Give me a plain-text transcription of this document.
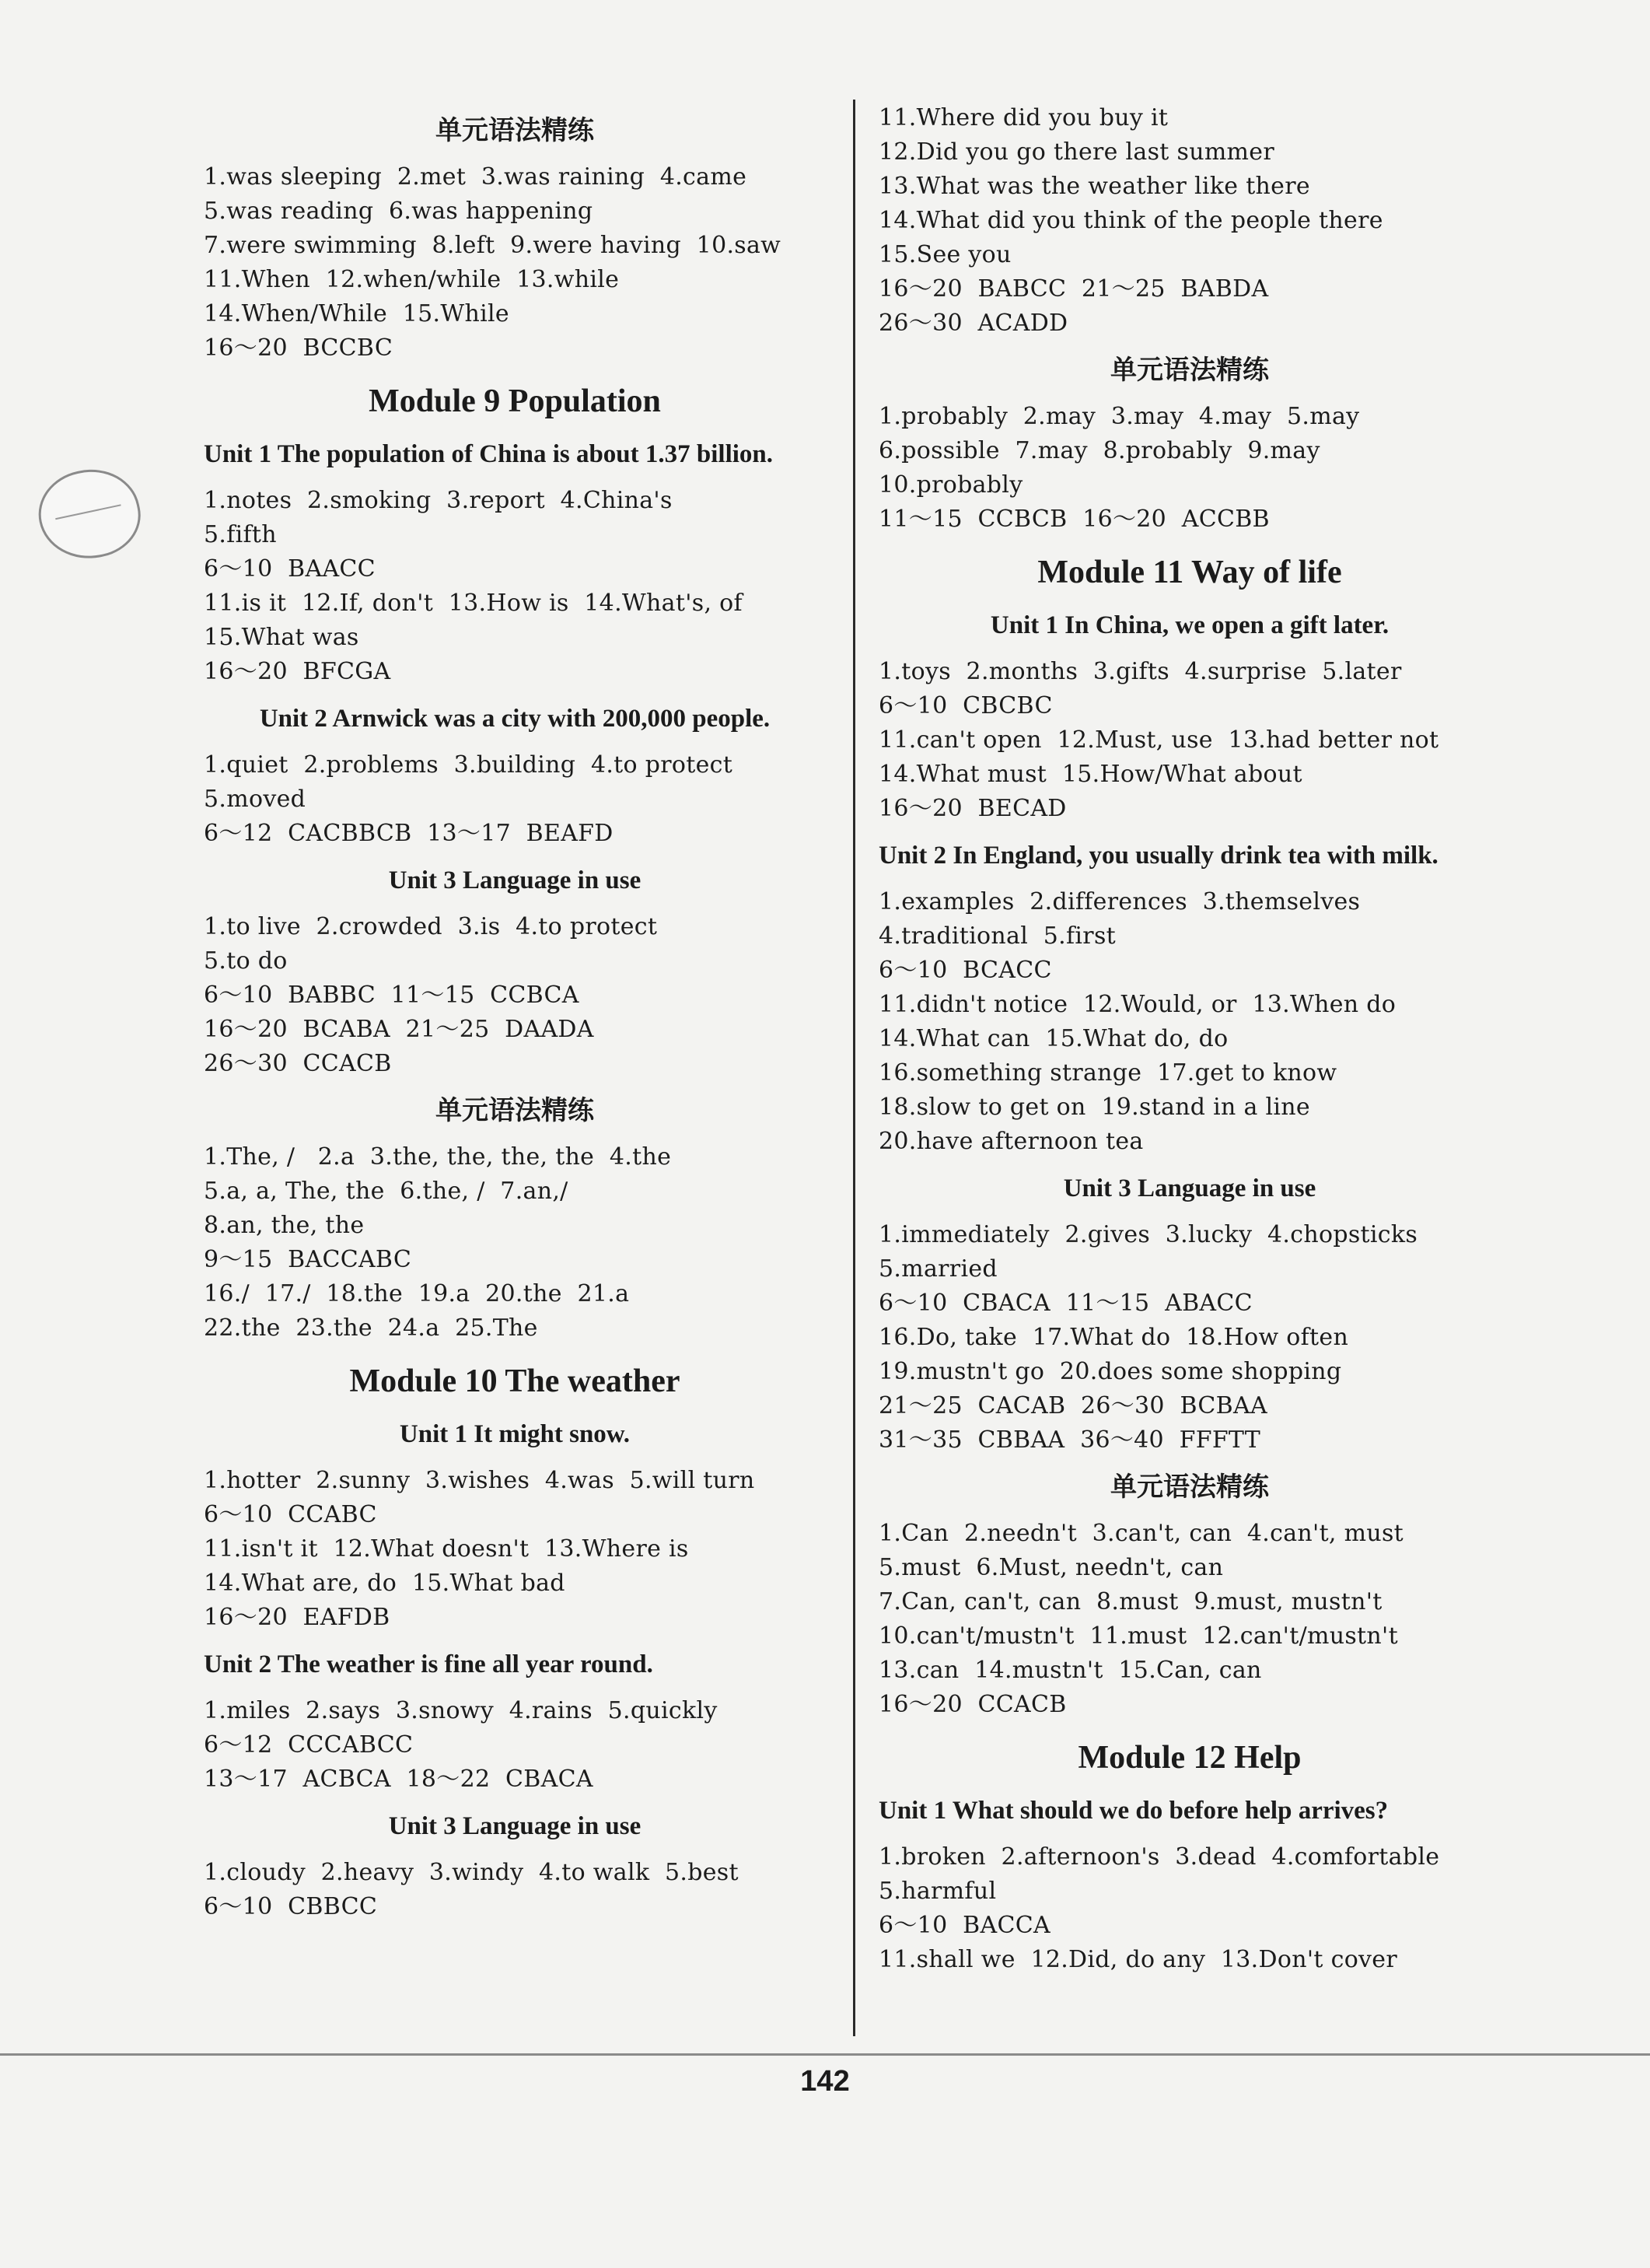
单元语法精练
1.was sleeping  2.met  3.was raining  4.came
5.was reading  6.was happening
7.were swimming  8.left  9.were having  10.saw
11.When  12.when/while  13.while
14.When/While  15.While
16～20  BCCBC
Module 9 Population
Unit 1 The population of China is about 1.37 billion.
1.notes  2.smoking  3.report  4.China's
5.fifth
6～10  BAACC
11.is it  12.If, don't  13.How is  14.What's, of
15.What was
16～20  BFCGA
Unit 2 Arnwick was a city with 200,000 people.
1.quiet  2.problems  3.building  4.to protect
5.moved
6～12  CACBBCB  13～17  BEAFD
Unit 3 Language in use
1.to live  2.crowded  3.is  4.to protect
5.to do
6～10  BABBC  11～15  CCBCA
16～20  BCABA  21～25  DAADA
26～30  CCACB
单元语法精练
1.The, /   2.a  3.the, the, the, the  4.the
5.a, a, The, the  6.the, /  7.an,/
8.an, the, the
9～15  BACCABC
16./  17./  18.the  19.a  20.the  21.a
22.the  23.the  24.a  25.The
Module 10 The weather
Unit 1 It might snow.
1.hotter  2.sunny  3.wishes  4.was  5.will turn
6～10  CCABC
11.isn't it  12.What doesn't  13.Where is
14.What are, do  15.What bad
16～20  EAFDB
Unit 2 The weather is fine all year round.
1.miles  2.says  3.snowy  4.rains  5.quickly
6～12  CCCABCC
13～17  ACBCA  18～22  CBACA
Unit 3 Language in use
1.cloudy  2.heavy  3.windy  4.to walk  5.best
6～10  CBBCC
11.Where did you buy it
12.Did you go there last summer
13.What was the weather like there
14.What did you think of the people there
15.See you
16～20  BABCC  21～25  BABDA
26～30  ACADD
单元语法精练
1.probably  2.may  3.may  4.may  5.may
6.possible  7.may  8.probably  9.may
10.probably
11～15  CCBCB  16～20  ACCBB
Module 11 Way of life
Unit 1 In China, we open a gift later.
1.toys  2.months  3.gifts  4.surprise  5.later
6～10  CBCBC
11.can't open  12.Must, use  13.had better not
14.What must  15.How/What about
16～20  BECAD
Unit 2 In England, you usually drink tea with milk.
1.examples  2.differences  3.themselves
4.traditional  5.first
6～10  BCACC
11.didn't notice  12.Would, or  13.When do
14.What can  15.What do, do
16.something strange  17.get to know
18.slow to get on  19.stand in a line
20.have afternoon tea
Unit 3 Language in use
1.immediately  2.gives  3.lucky  4.chopsticks
5.married
6～10  CBACA  11～15  ABACC
16.Do, take  17.What do  18.How often
19.mustn't go  20.does some shopping
21～25  CACAB  26～30  BCBAA
31～35  CBBAA  36～40  FFFTT
单元语法精练
1.Can  2.needn't  3.can't, can  4.can't, must
5.must  6.Must, needn't, can
7.Can, can't, can  8.must  9.must, mustn't
10.can't/mustn't  11.must  12.can't/mustn't
13.can  14.mustn't  15.Can, can
16～20  CCACB
Module 12 Help
Unit 1 What should we do before help arrives?
1.broken  2.afternoon's  3.dead  4.comfortable
5.harmful
6～10  BACCA
11.shall we  12.Did, do any  13.Don't cover
142
